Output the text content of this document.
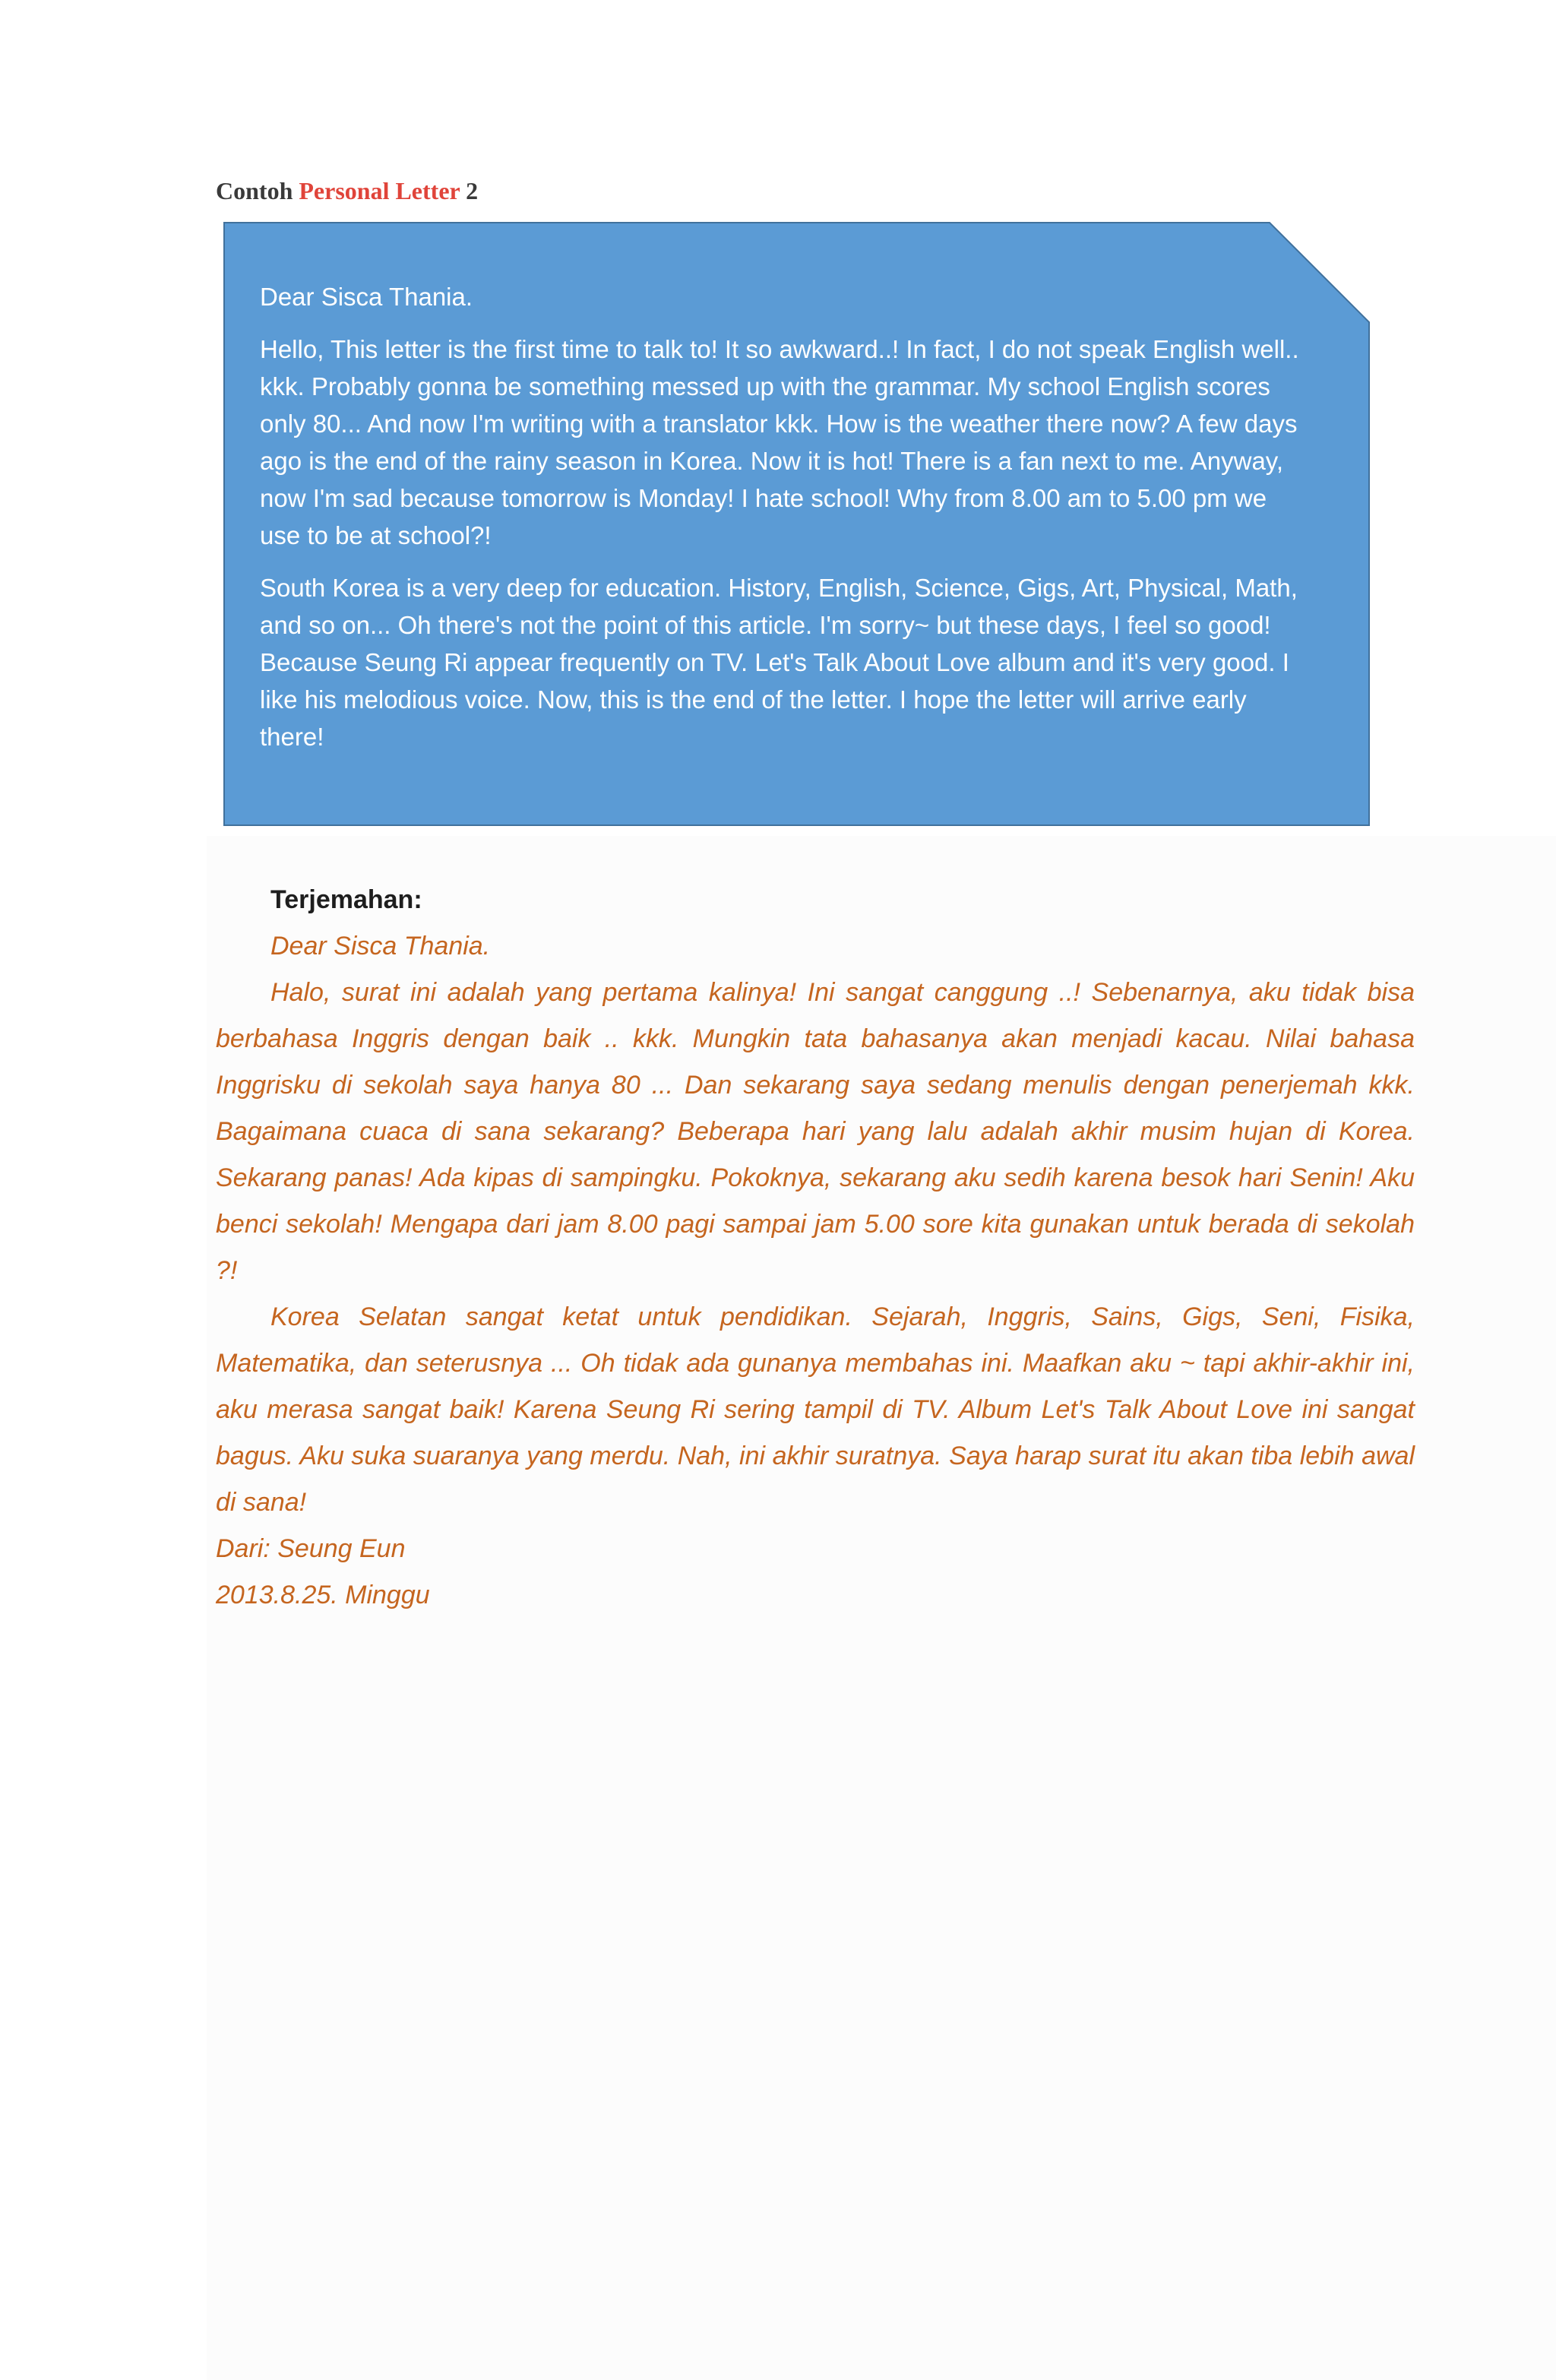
Contoh Personal Letter 2

Dear Sisca Thania.

Hello, This letter is the first time to talk to! It so awkward..! In fact, I do not speak English well.. kkk. Probably gonna be something messed up with the grammar. My school English scores only 80... And now I'm writing with a translator kkk. How is the weather there now? A few days ago is the end of the rainy season in Korea. Now it is hot! There is a fan next to me. Anyway, now I'm sad because tomorrow is Monday! I hate school! Why from 8.00 am to 5.00 pm we use to be at school?!

South Korea is a very deep for education. History, English, Science, Gigs, Art, Physical, Math, and so on... Oh there's not the point of this article. I'm sorry~ but these days, I feel so good! Because Seung Ri appear frequently on TV. Let's Talk About Love album and it's very good. I like his melodious voice. Now, this is the end of the letter. I hope the letter will arrive early there!

Terjemahan:

Dear Sisca Thania.

Halo, surat ini adalah yang pertama kalinya! Ini sangat canggung ..! Sebenarnya, aku tidak bisa berbahasa Inggris dengan baik .. kkk. Mungkin tata bahasanya akan menjadi kacau. Nilai bahasa Inggrisku di sekolah saya hanya 80 ... Dan sekarang saya sedang menulis dengan penerjemah kkk. Bagaimana cuaca di sana sekarang? Beberapa hari yang lalu adalah akhir musim hujan di Korea. Sekarang panas! Ada kipas di sampingku. Pokoknya, sekarang aku sedih karena besok hari Senin! Aku benci sekolah! Mengapa dari jam 8.00 pagi sampai jam 5.00 sore kita gunakan untuk berada di sekolah ?!

Korea Selatan sangat ketat untuk pendidikan. Sejarah, Inggris, Sains, Gigs, Seni, Fisika, Matematika, dan seterusnya ... Oh tidak ada gunanya membahas ini. Maafkan aku ~ tapi akhir-akhir ini, aku merasa sangat baik! Karena Seung Ri sering tampil di TV. Album Let's Talk About Love ini sangat bagus. Aku suka suaranya yang merdu. Nah, ini akhir suratnya. Saya harap surat itu akan tiba lebih awal di sana!

Dari: Seung Eun

2013.8.25. Minggu
